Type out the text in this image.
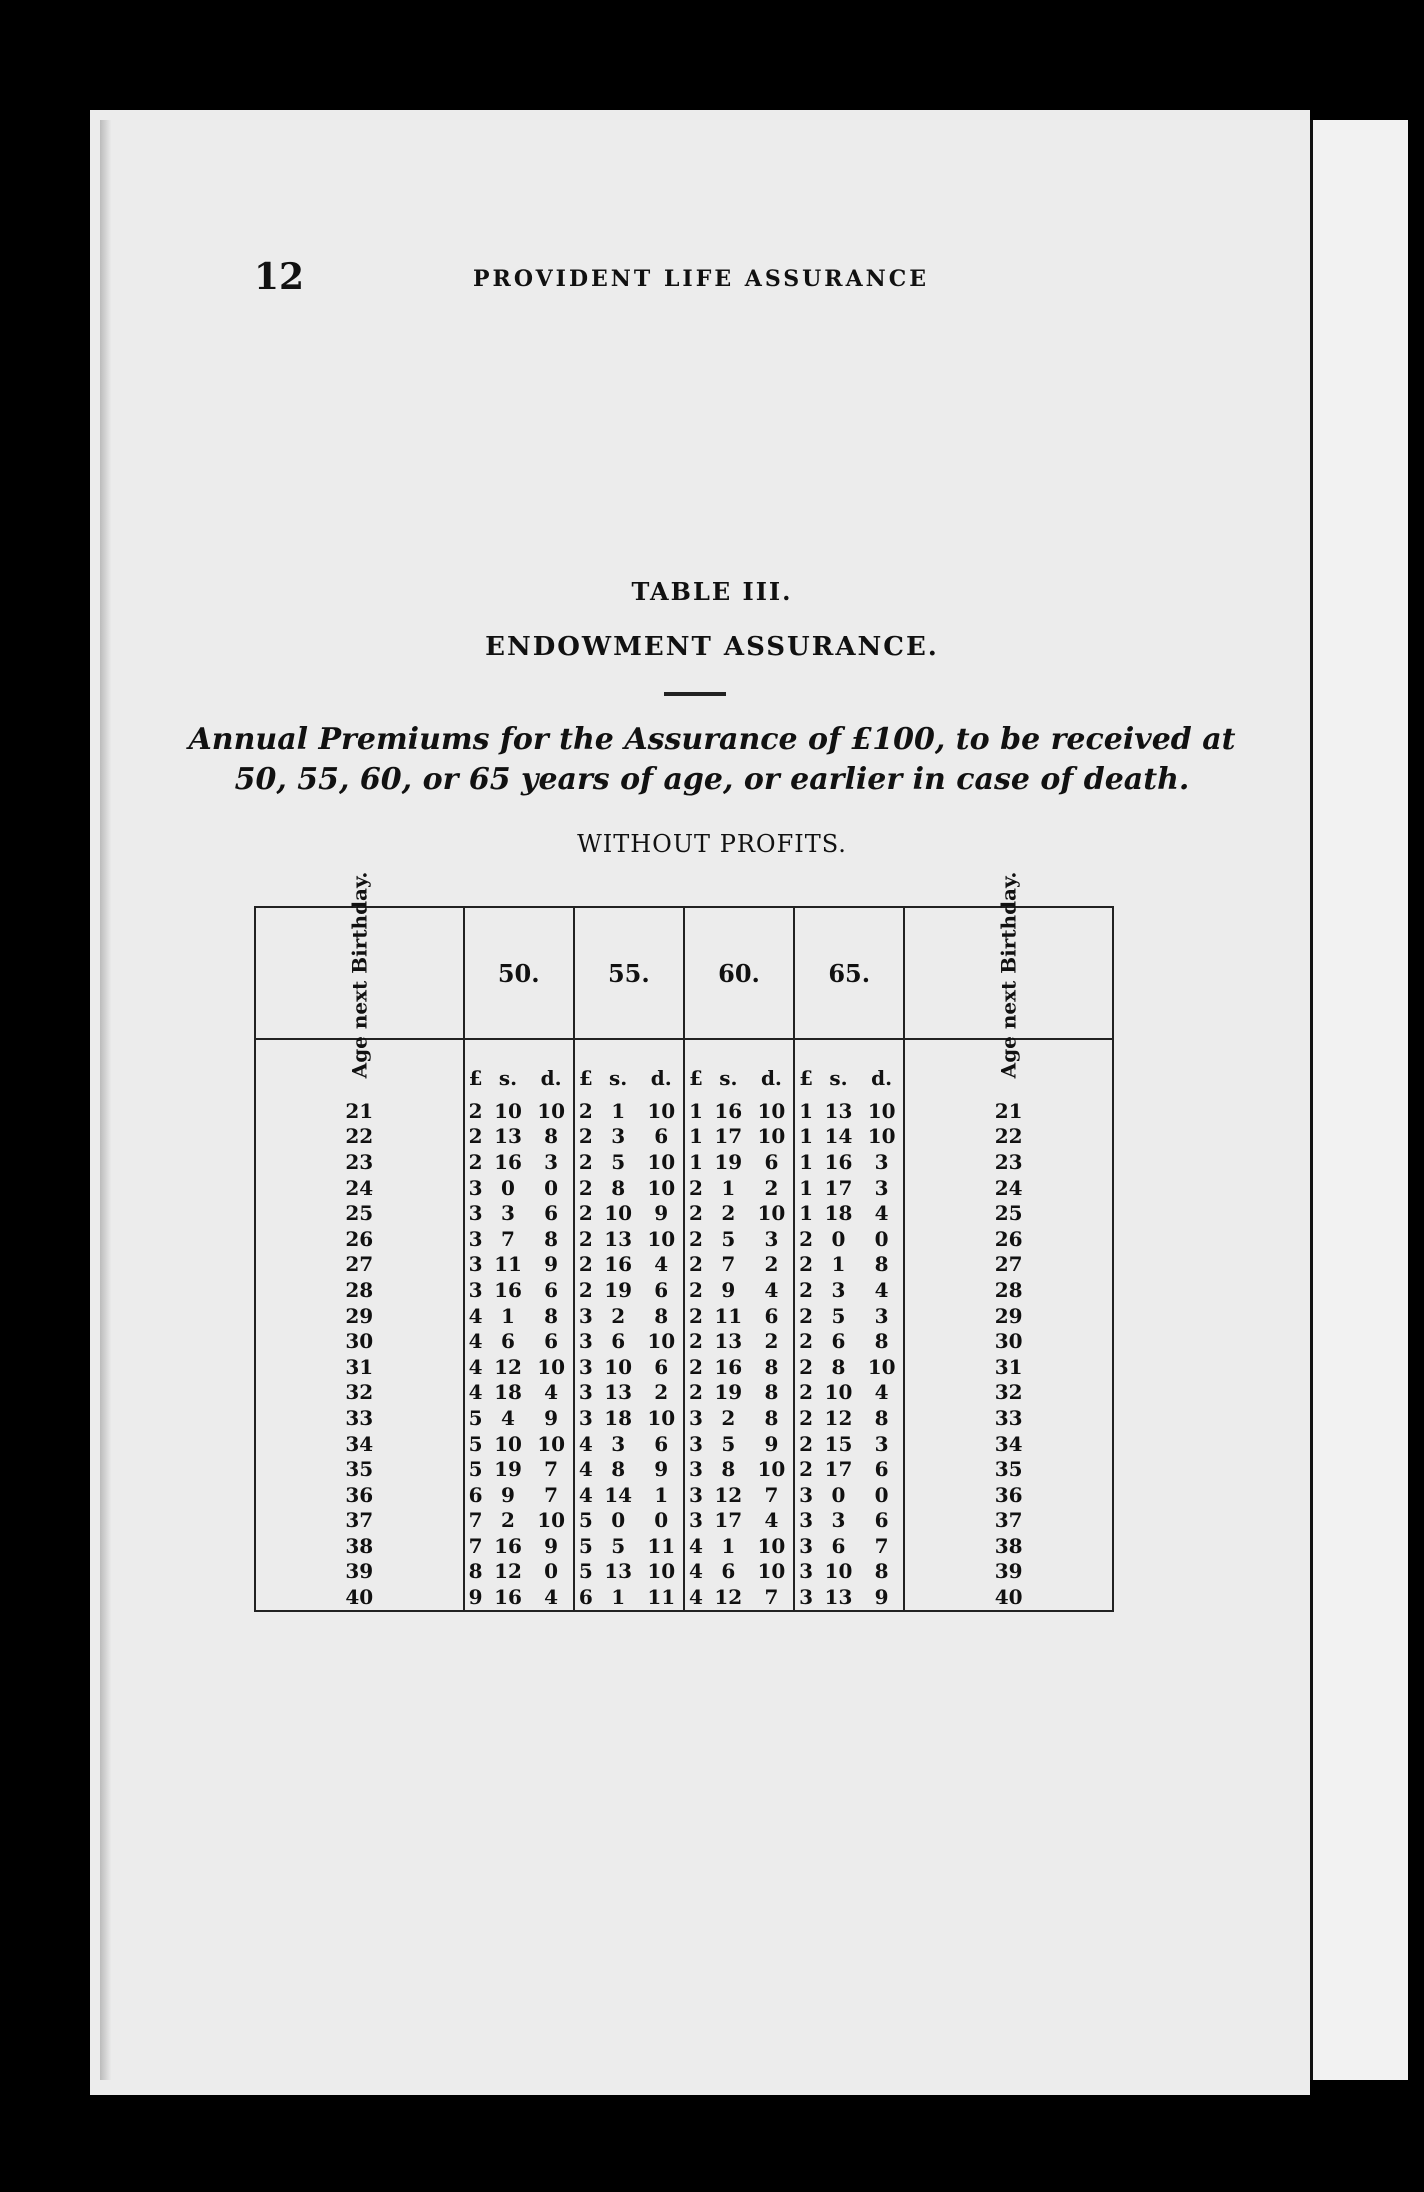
12	PROVIDENT LIFE ASSURANCE
TABLE III.
ENDOWMENT ASSURANCE.
Annual Premiums for the Assurance of £100, to be received at
50, 55, 60, or 65 years of age, or earlier in case of death.
WITHOUT PROFITS.
Age next Birthday.	50.			55.			60.			65.			Age next Birthday.
	£	s.	d.	£	s.	d.	£	s.	d.	£	s.	d.	

21	2	10	10	2	1	10	1	16	10	1	13	10	21
22	2	13	8	2	3	6	1	17	10	1	14	10	22
23	2	16	3	2	5	10	1	19	6	1	16	3	23
24	3	0	0	2	8	10	2	1	2	1	17	3	24
25	3	3	6	2	10	9	2	2	10	1	18	4	25
26	3	7	8	2	13	10	2	5	3	2	0	0	26
27	3	11	9	2	16	4	2	7	2	2	1	8	27
28	3	16	6	2	19	6	2	9	4	2	3	4	28
29	4	1	8	3	2	8	2	11	6	2	5	3	29
30	4	6	6	3	6	10	2	13	2	2	6	8	30
31	4	12	10	3	10	6	2	16	8	2	8	10	31
32	4	18	4	3	13	2	2	19	8	2	10	4	32
33	5	4	9	3	18	10	3	2	8	2	12	8	33
34	5	10	10	4	3	6	3	5	9	2	15	3	34
35	5	19	7	4	8	9	3	8	10	2	17	6	35
36	6	9	7	4	14	1	3	12	7	3	0	0	36
37	7	2	10	5	0	0	3	17	4	3	3	6	37
38	7	16	9	5	5	11	4	1	10	3	6	7	38
39	8	12	0	5	13	10	4	6	10	3	10	8	39
40	9	16	4	6	1	11	4	12	7	3	13	9	40
